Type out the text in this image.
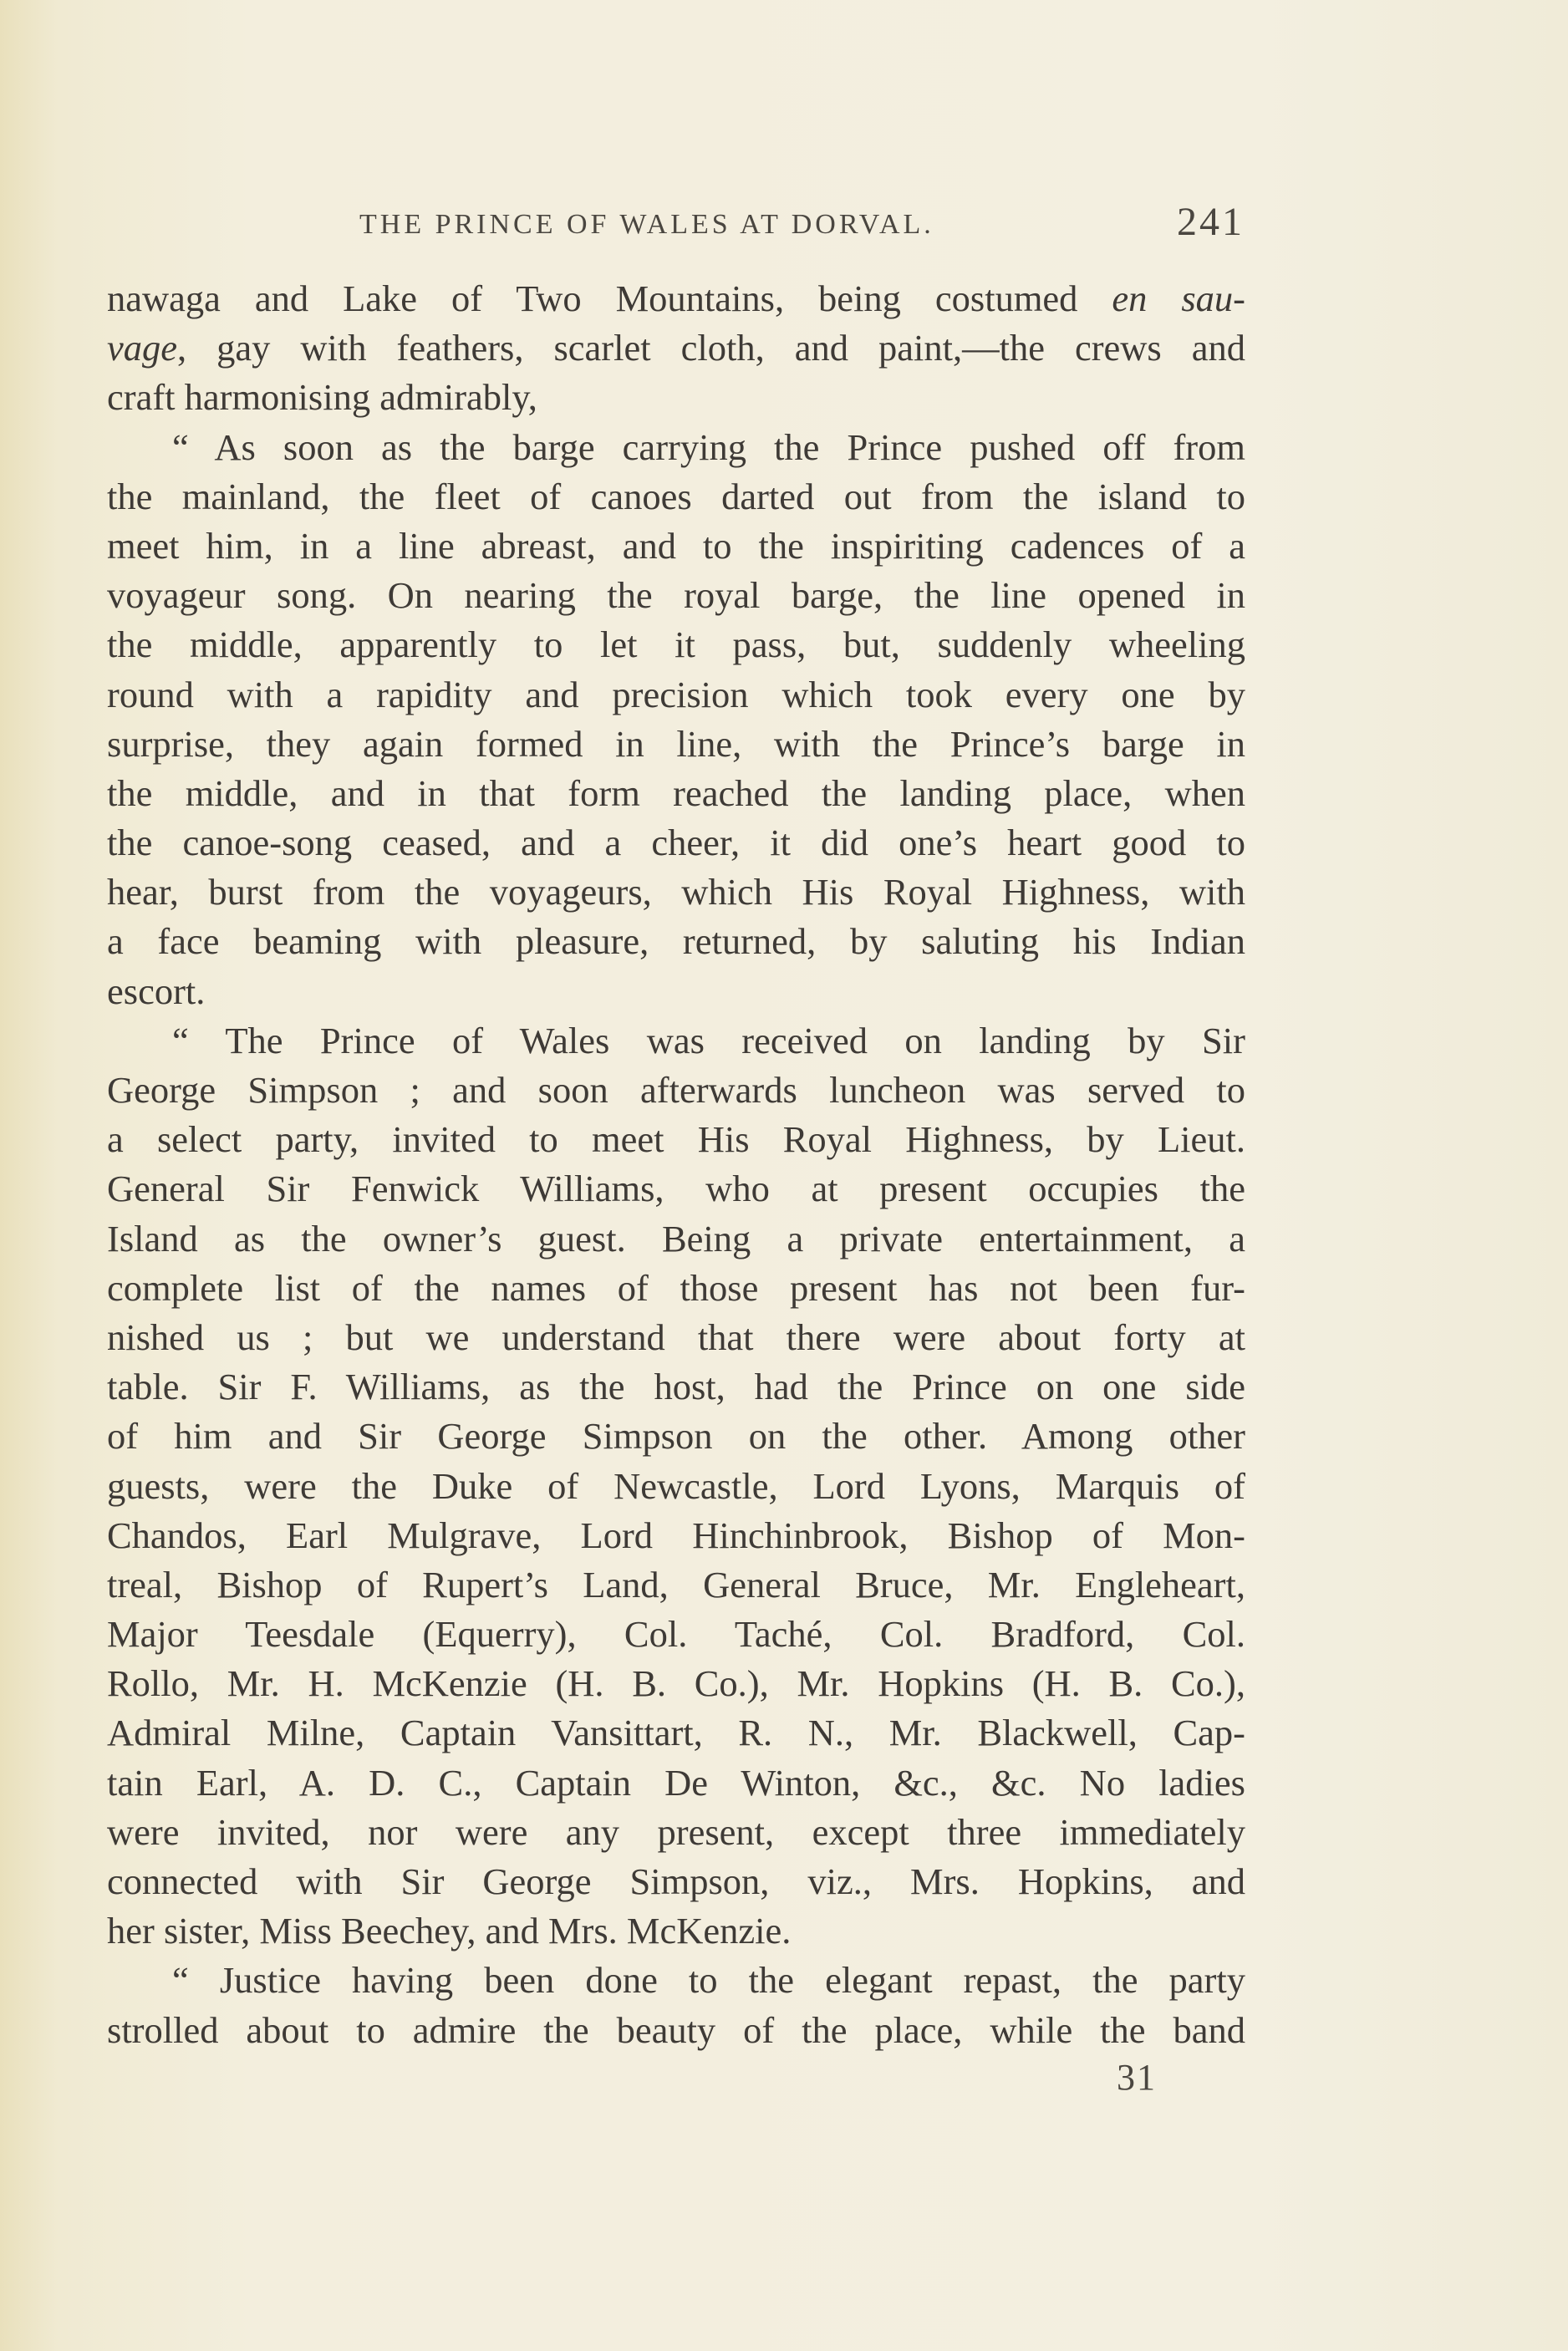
THE PRINCE OF WALES AT DORVAL.	241
nawaga and Lake of Two Mountains, being costumed en sau-
vage, gay with feathers, scarlet cloth, and paint,—the crews and
craft harmonising admirably,
“ As soon as the barge carrying the Prince pushed off from
the mainland, the fleet of canoes darted out from the island to
meet him, in a line abreast, and to the inspiriting cadences of a
voyageur song. On nearing the royal barge, the line opened in
the middle, apparently to let it pass, but, suddenly wheeling
round with a rapidity and precision which took every one by
surprise, they again formed in line, with the Prince’s barge in
the middle, and in that form reached the landing place, when
the canoe-song ceased, and a cheer, it did one’s heart good to
hear, burst from the voyageurs, which His Royal Highness, with
a face beaming with pleasure, returned, by saluting his Indian
escort.
“ The Prince of Wales was received on landing by Sir
George Simpson ; and soon afterwards luncheon was served to
a select party, invited to meet His Royal Highness, by Lieut.
General Sir Fenwick Williams, who at present occupies the
Island as the owner’s guest. Being a private entertainment, a
complete list of the names of those present has not been fur-
nished us ; but we understand that there were about forty at
table. Sir F. Williams, as the host, had the Prince on one side
of him and Sir George Simpson on the other. Among other
guests, were the Duke of Newcastle, Lord Lyons, Marquis of
Chandos, Earl Mulgrave, Lord Hinchinbrook, Bishop of Mon-
treal, Bishop of Rupert’s Land, General Bruce, Mr. Engleheart,
Major Teesdale (Equerry), Col. Taché, Col. Bradford, Col.
Rollo, Mr. H. McKenzie (H. B. Co.), Mr. Hopkins (H. B. Co.),
Admiral Milne, Captain Vansittart, R. N., Mr. Blackwell, Cap-
tain Earl, A. D. C., Captain De Winton, &c., &c. No ladies
were invited, nor were any present, except three immediately
connected with Sir George Simpson, viz., Mrs. Hopkins, and
her sister, Miss Beechey, and Mrs. McKenzie.
“ Justice having been done to the elegant repast, the party
strolled about to admire the beauty of the place, while the band
31
